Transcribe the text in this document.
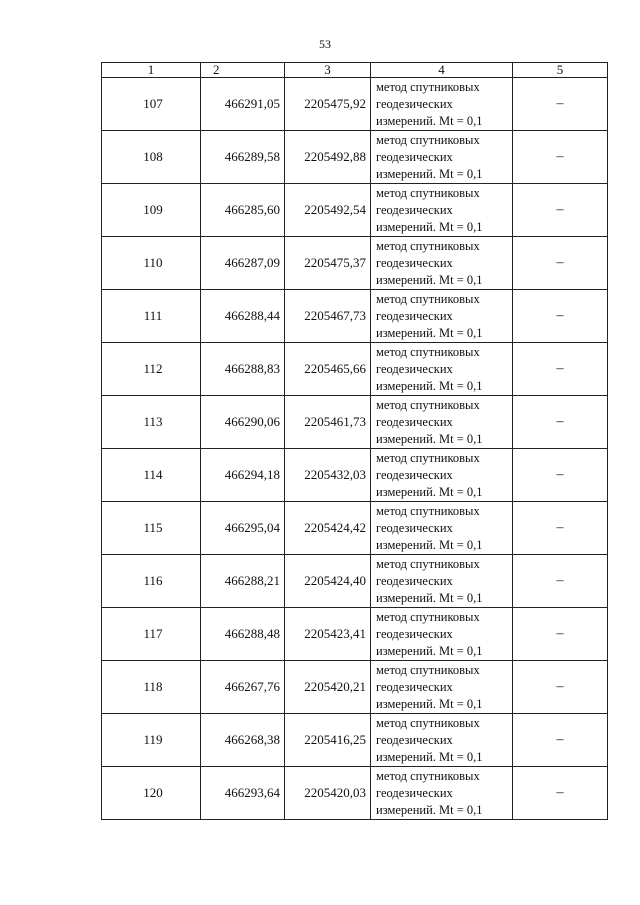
53
1	2	3	4	5
107	466291,05	2205475,92	метод спутниковых
геодезических
измерений. Mt = 0,1	–
108	466289,58	2205492,88	метод спутниковых
геодезических
измерений. Mt = 0,1	–
109	466285,60	2205492,54	метод спутниковых
геодезических
измерений. Mt = 0,1	–
110	466287,09	2205475,37	метод спутниковых
геодезических
измерений. Mt = 0,1	–
111	466288,44	2205467,73	метод спутниковых
геодезических
измерений. Mt = 0,1	–
112	466288,83	2205465,66	метод спутниковых
геодезических
измерений. Mt = 0,1	–
113	466290,06	2205461,73	метод спутниковых
геодезических
измерений. Mt = 0,1	–
114	466294,18	2205432,03	метод спутниковых
геодезических
измерений. Mt = 0,1	–
115	466295,04	2205424,42	метод спутниковых
геодезических
измерений. Mt = 0,1	–
116	466288,21	2205424,40	метод спутниковых
геодезических
измерений. Mt = 0,1	–
117	466288,48	2205423,41	метод спутниковых
геодезических
измерений. Mt = 0,1	–
118	466267,76	2205420,21	метод спутниковых
геодезических
измерений. Mt = 0,1	–
119	466268,38	2205416,25	метод спутниковых
геодезических
измерений. Mt = 0,1	–
120	466293,64	2205420,03	метод спутниковых
геодезических
измерений. Mt = 0,1	–
